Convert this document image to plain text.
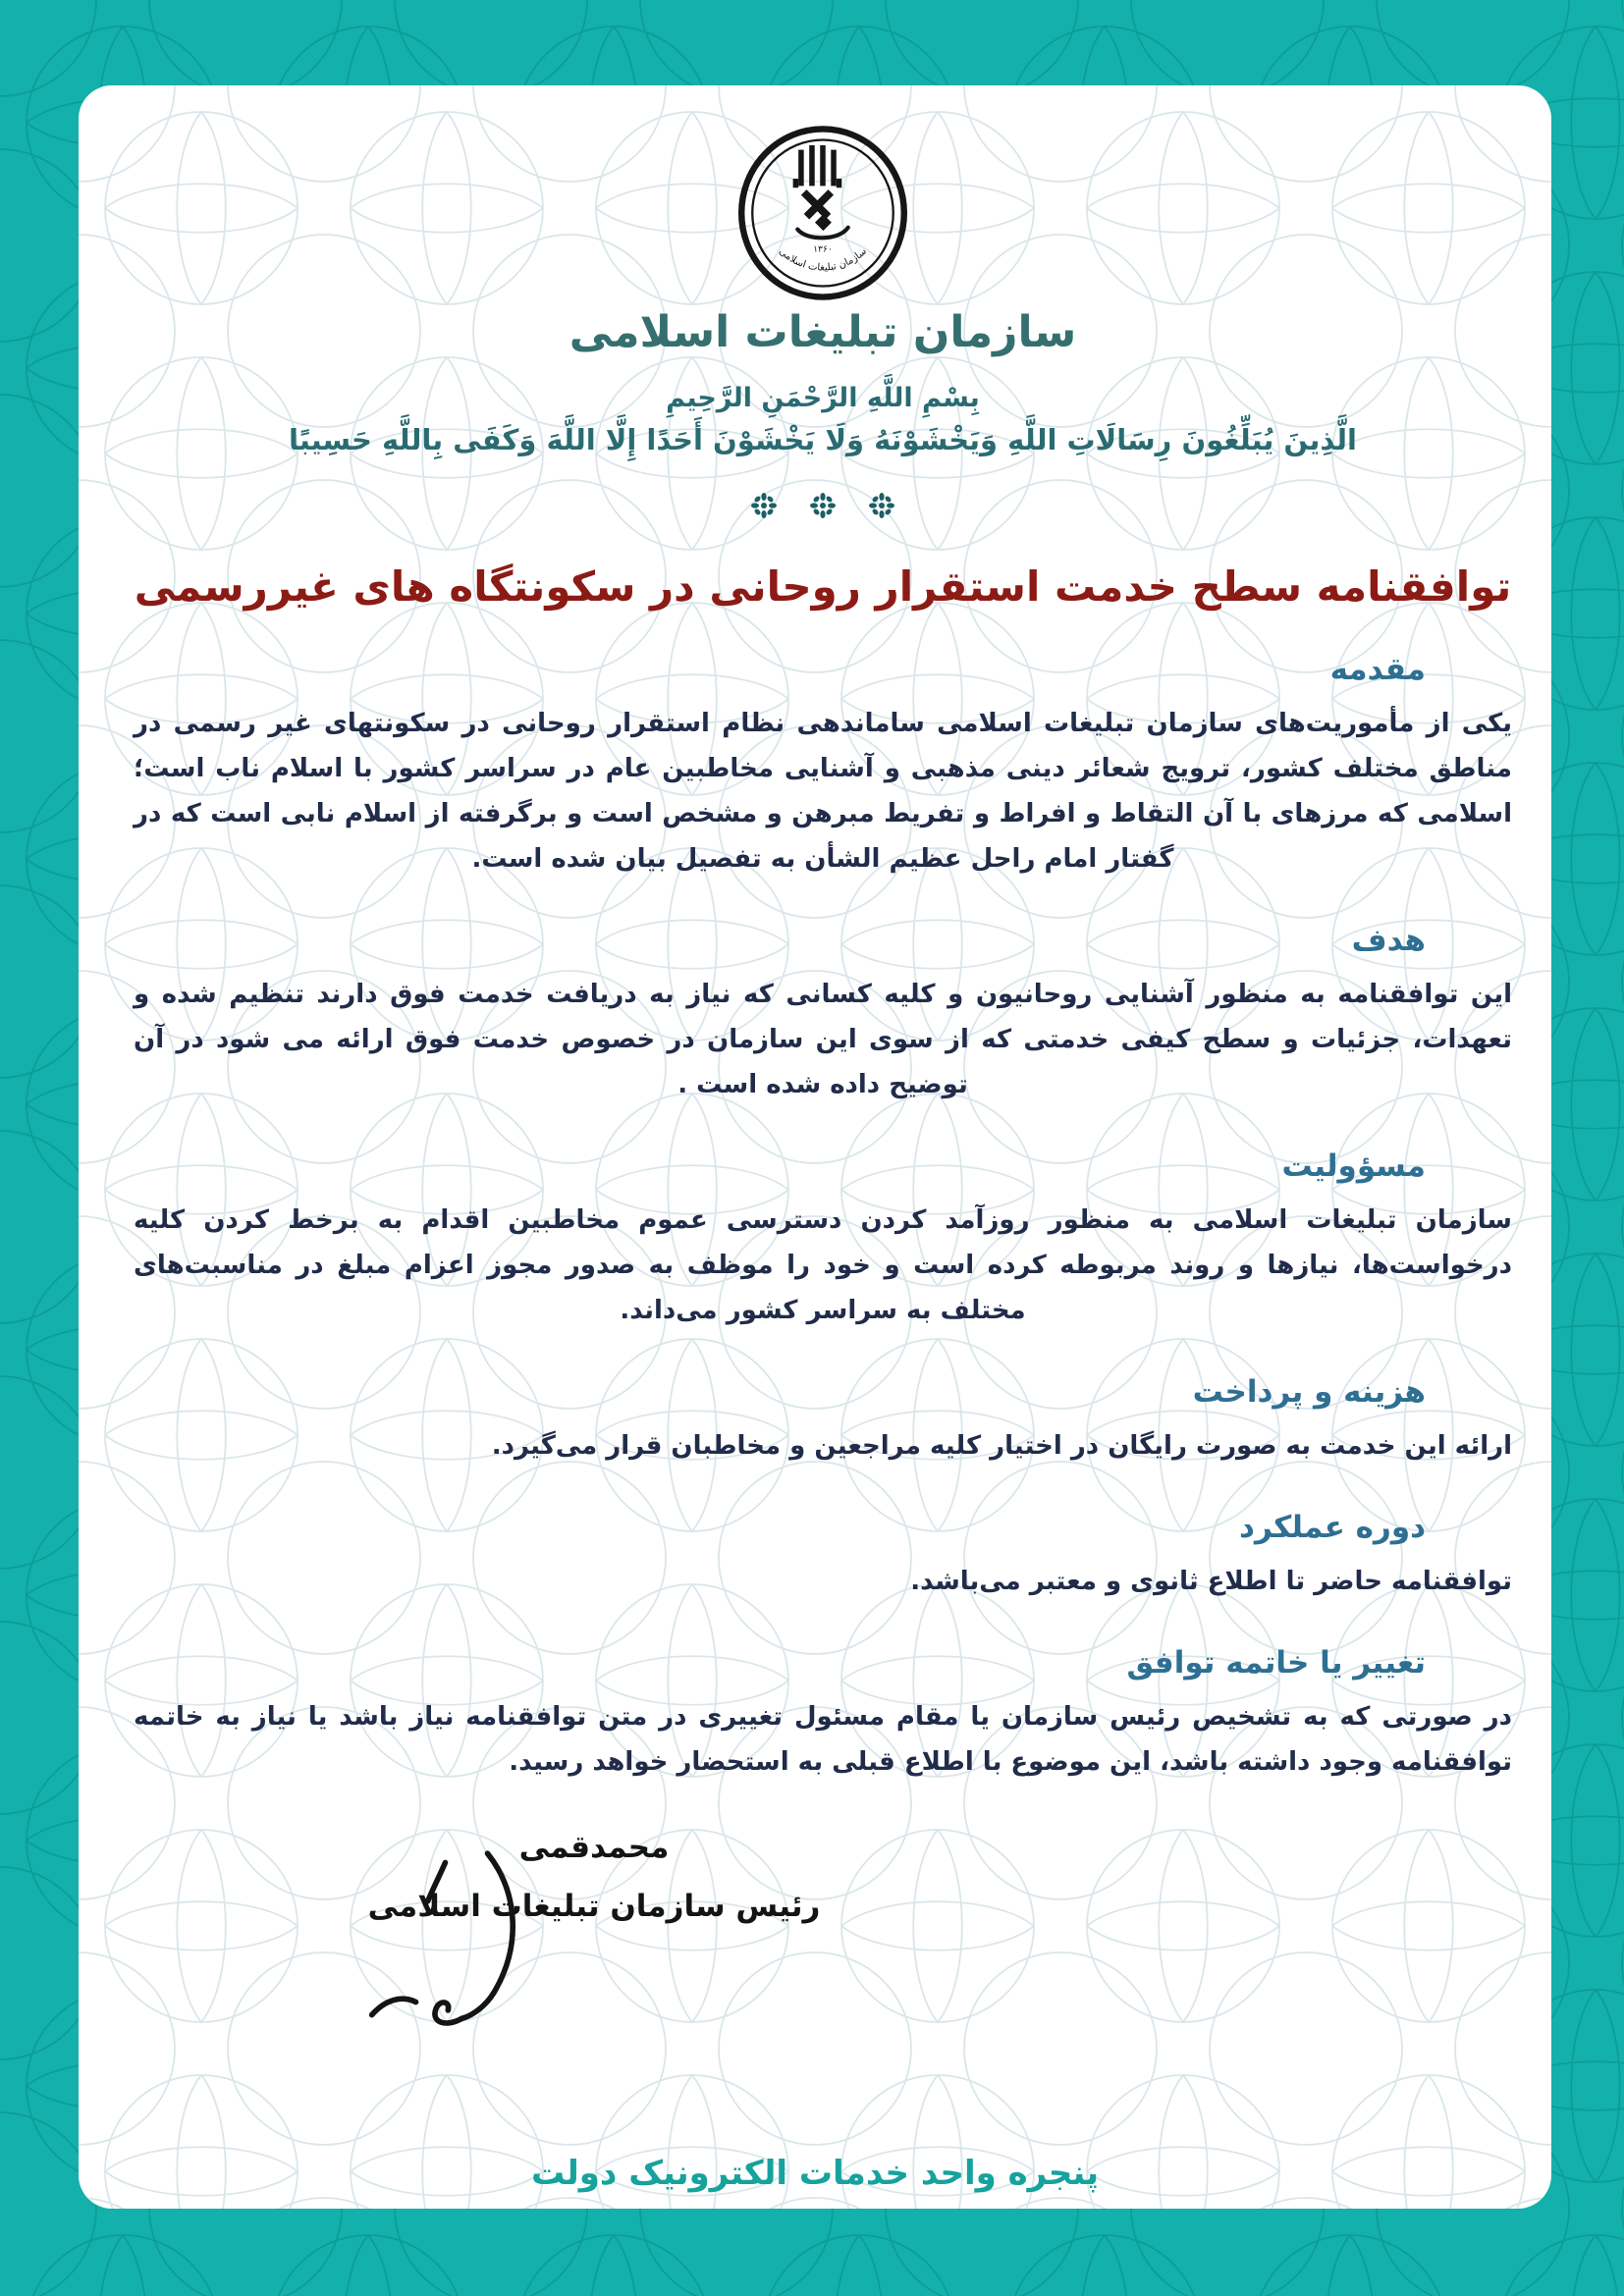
۱۳۶۰
سازمان تبلیغات اسلامی
سازمان تبلیغات اسلامی
بِسْمِ اللَّهِ الرَّحْمَنِ الرَّحِيمِ
الَّذِينَ يُبَلِّغُونَ رِسَالَاتِ اللَّهِ وَيَخْشَوْنَهُ وَلَا يَخْشَوْنَ أَحَدًا إِلَّا اللَّهَ وَكَفَى بِاللَّهِ حَسِيبًا
توافقنامه سطح خدمت استقرار روحانی در سکونتگاه های غیررسمی
مقدمه

یکی از مأموریت‌های سازمان تبلیغات اسلامی ساماندهی نظام استقرار روحانی در سکونتهای غیر رسمی در مناطق مختلف کشور، ترویج شعائر دینی مذهبی و آشنایی مخاطبین عام در سراسر کشور با اسلام ناب است؛ اسلامی که مرزهای با آن التقاط و افراط و تفریط مبرهن و مشخص است و برگرفته از اسلام نابی است که در گفتار امام راحل عظیم الشأن به تفصیل بیان شده است.

هدف

این توافقنامه به منظور آشنایی روحانیون و کلیه کسانی که نیاز به دریافت خدمت فوق دارند تنظیم شده و تعهدات، جزئیات و سطح کیفی خدمتی که از سوی این سازمان در خصوص خدمت فوق ارائه می شود در آن توضیح داده شده است .

مسؤولیت

سازمان تبلیغات اسلامی به منظور روزآمد کردن دسترسی عموم مخاطبین اقدام به برخط کردن کلیه درخواست‌ها، نیازها و روند مربوطه کرده است و خود را موظف به صدور مجوز اعزام مبلغ در مناسبت‌های مختلف به سراسر کشور می‌داند.

هزینه و پرداخت

ارائه این خدمت به صورت رایگان در اختیار کلیه مراجعین و مخاطبان قرار می‌گیرد.

دوره عملکرد

توافقنامه حاضر تا اطلاع ثانوی و معتبر می‌باشد.

تغییر یا خاتمه توافق

در صورتی که به تشخیص رئیس سازمان یا مقام مسئول تغییری در متن توافقنامه نیاز باشد یا نیاز به خاتمه توافقنامه وجود داشته باشد، این موضوع با اطلاع قبلی به استحضار خواهد رسید.

محمدقمی
رئیس سازمان تبلیغات اسلامی
پنجره واحد خدمات الکترونیک دولت
